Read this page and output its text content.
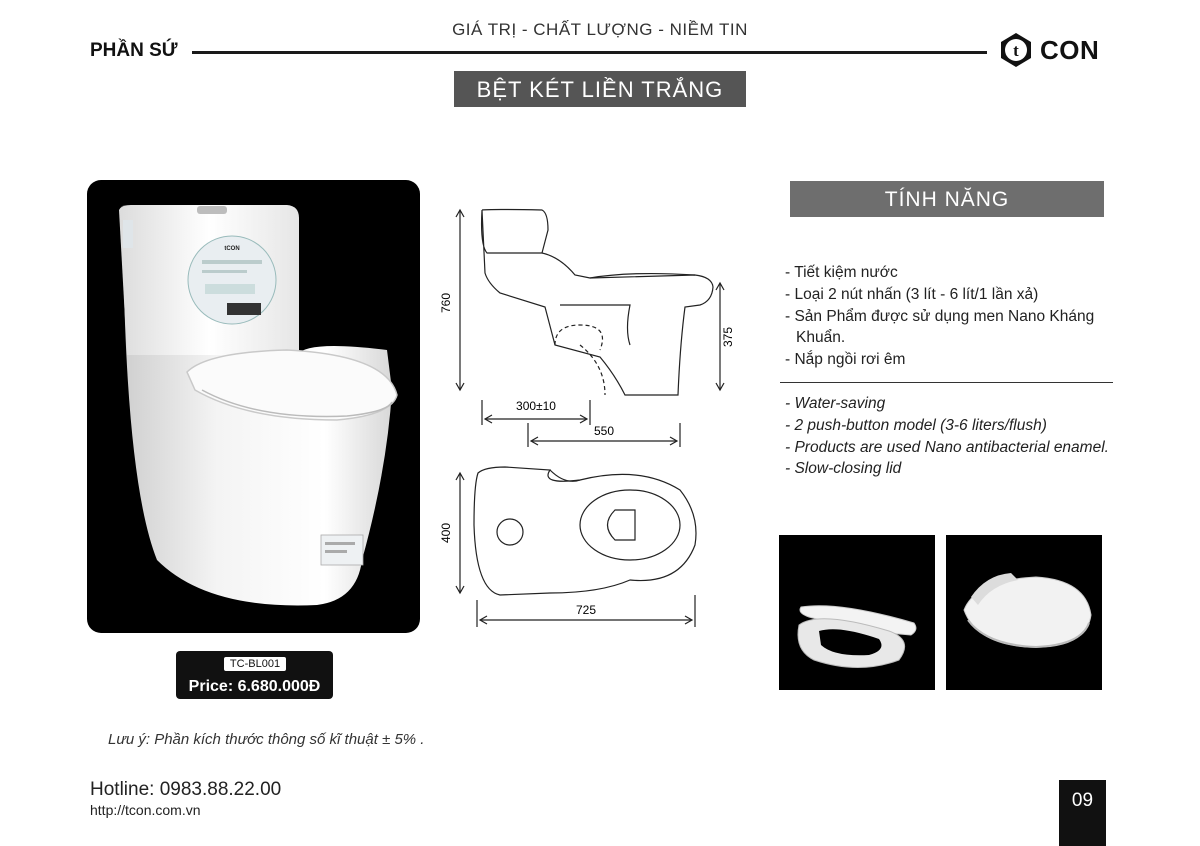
GIÁ TRỊ - CHẤT LƯỢNG - NIỀM TIN
PHẦN SỨ	t CON
BỆT KÉT LIỀN TRẮNG
tCON
TC-BL001
Price: 6.680.000Đ
760
375
300±10
550
400
725
TÍNH NĂNG
- Tiết kiệm nước
- Loại 2 nút nhấn (3 lít - 6 lít/1 lần xả)
- Sản Phẩm được sử dụng men Nano Kháng Khuẩn.
- Nắp ngồi rơi êm
- Water-saving
- 2 push-button model (3-6 liters/flush)
- Products are used Nano antibacterial enamel.
- Slow-closing lid
Lưu ý: Phần kích thước thông số kĩ thuật ± 5% .
Hotline: 0983.88.22.00
http://tcon.com.vn	09
